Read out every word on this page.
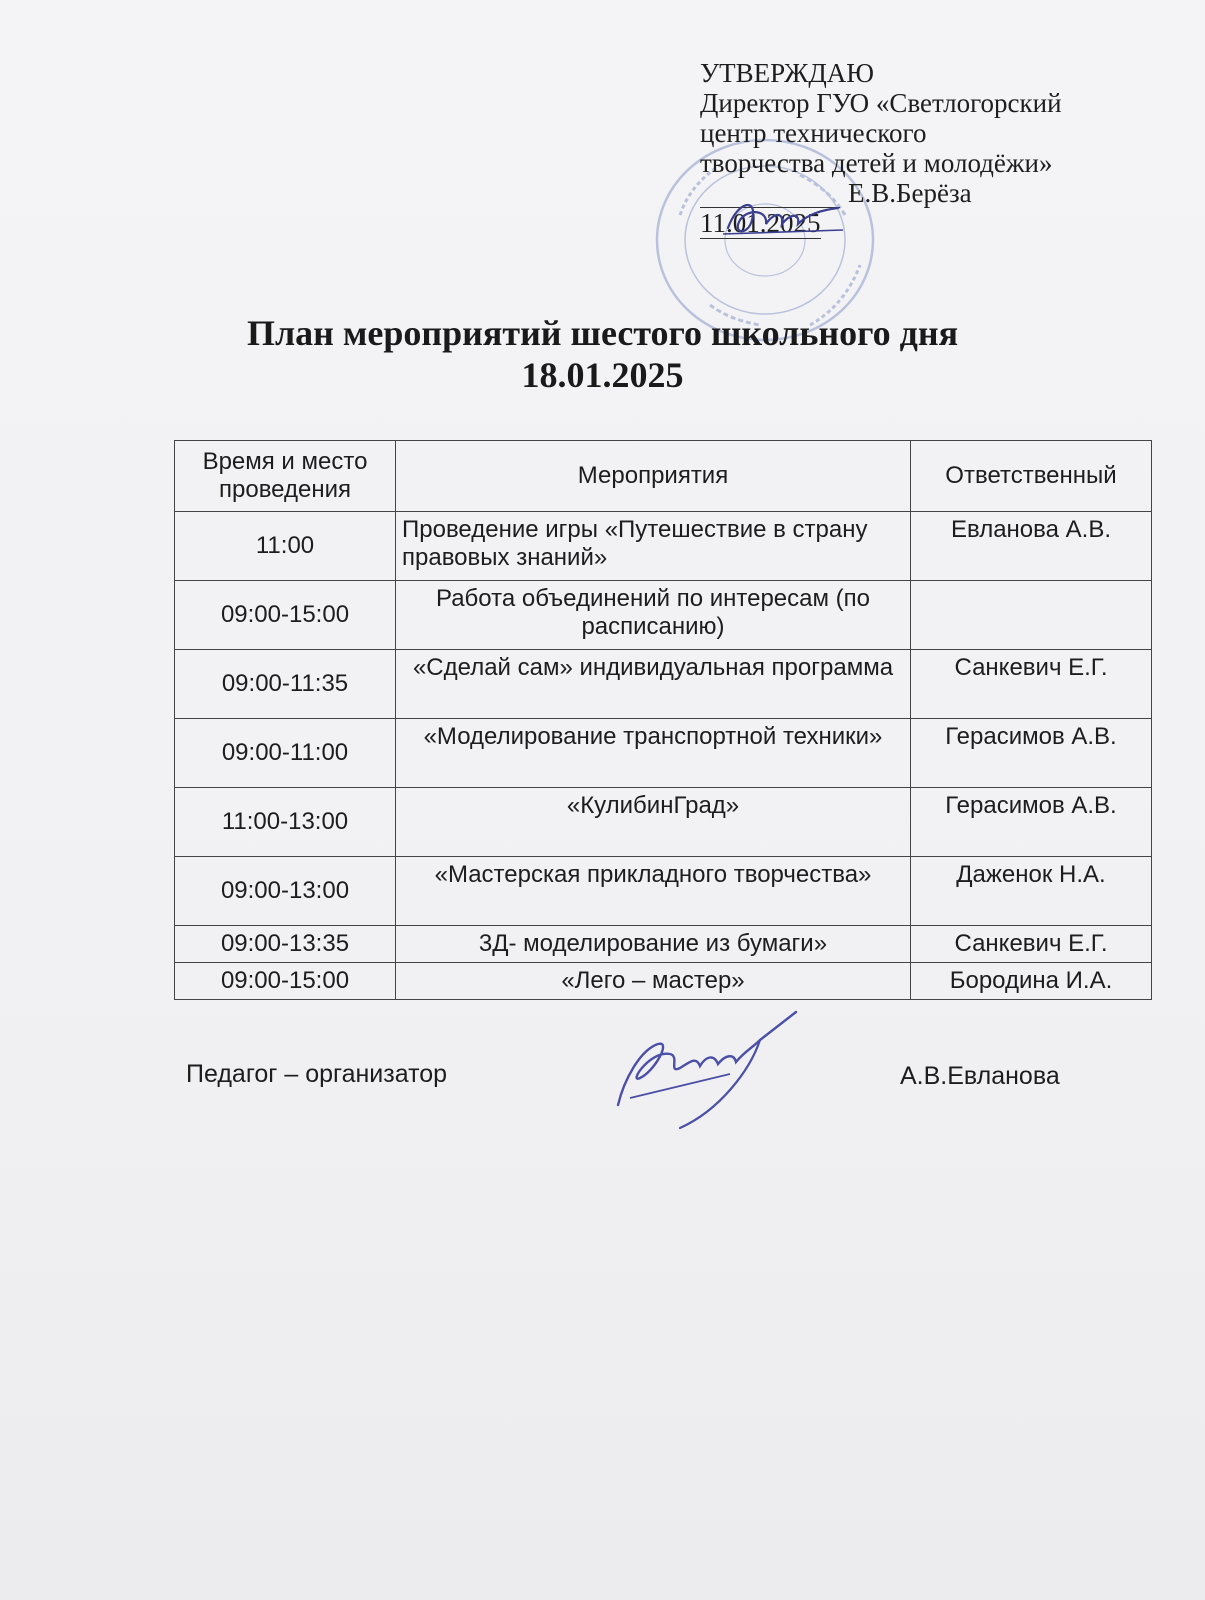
УТВЕРЖДАЮ
Директор ГУО «Светлогорский
центр технического
творчества детей и молодёжи»
Е.В.Берёза
11.01.2025
План мероприятий шестого школьного дня
18.01.2025
Время и место проведения	Мероприятия	Ответственный
11:00	Проведение игры «Путешествие в страну правовых знаний»	Евланова А.В.
09:00-15:00	Работа объединений по интересам (по расписанию)	
09:00-11:35	«Сделай сам» индивидуальная программа	Санкевич Е.Г.
09:00-11:00	«Моделирование транспортной техники»	Герасимов А.В.
11:00-13:00	«КулибинГрад»	Герасимов А.В.
09:00-13:00	«Мастерская прикладного творчества»	Даженок Н.А.
09:00-13:35	3Д- моделирование из бумаги»	Санкевич Е.Г.
09:00-15:00	«Лего – мастер»	Бородина И.А.
Педагог – организатор	А.В.Евланова
